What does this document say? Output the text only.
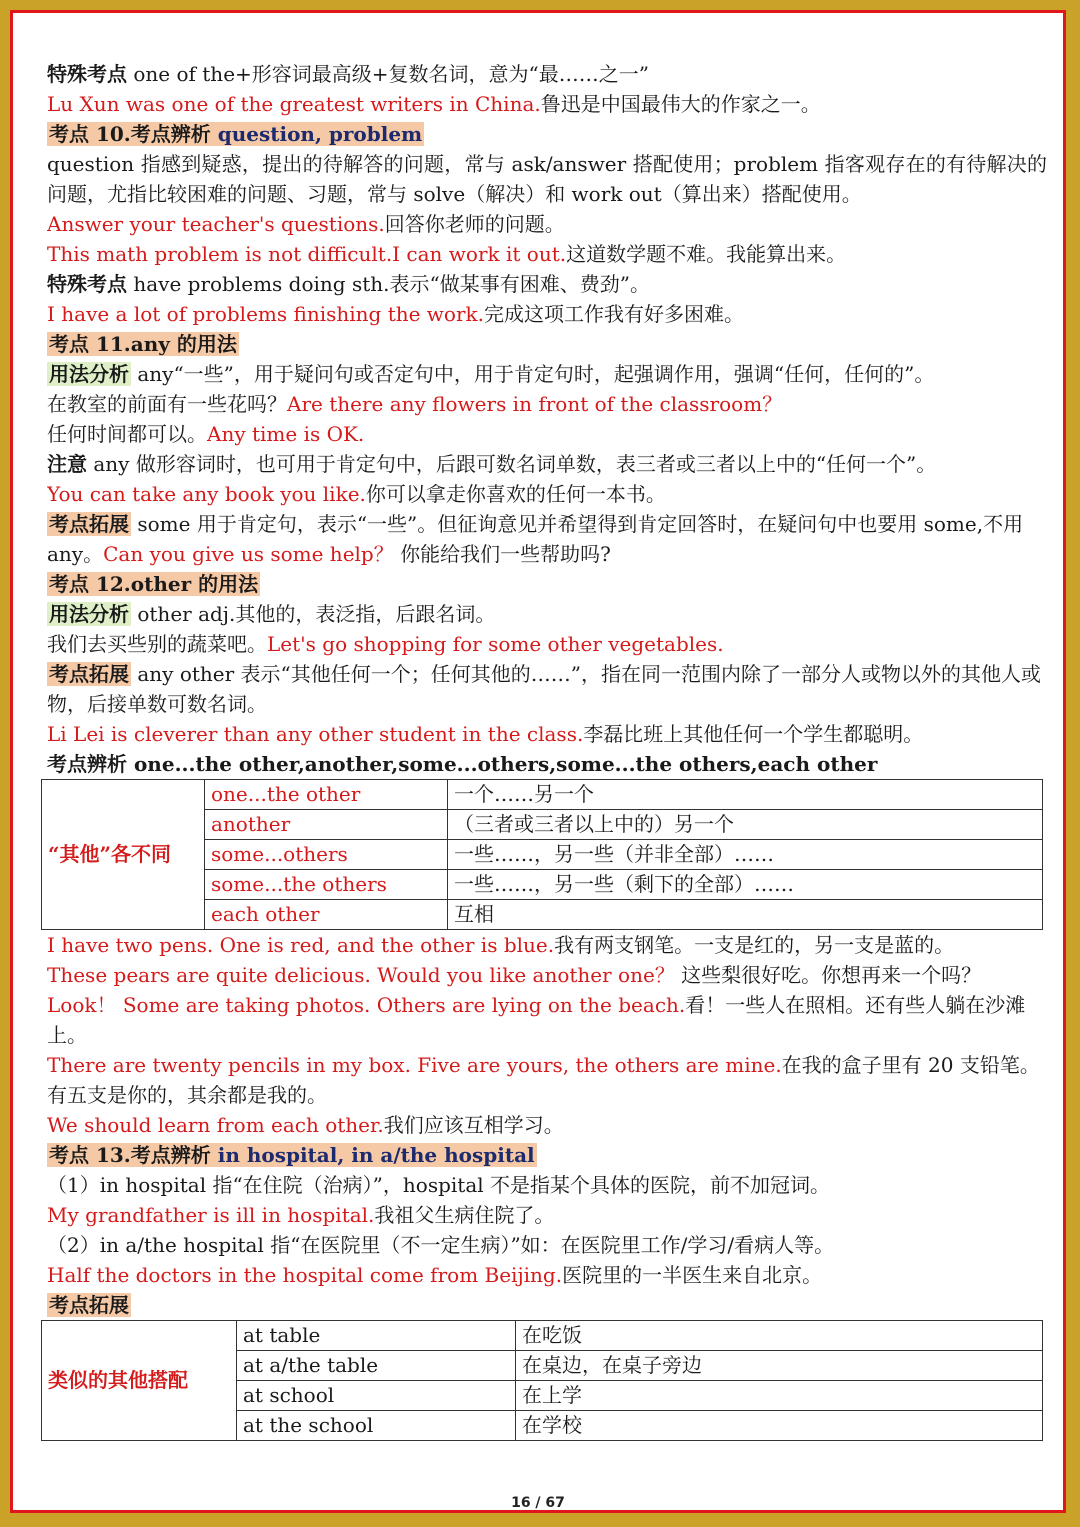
特殊考点 one of the+形容词最高级+复数名词，意为“最……之一”
Lu Xun was one of the greatest writers in China.鲁迅是中国最伟大的作家之一。
考点 10.考点辨析 question, problem
question 指感到疑惑，提出的待解答的问题，常与 ask/answer 搭配使用；problem 指客观存在的有待解决的问题，尤指比较困难的问题、习题，常与 solve（解决）和 work out（算出来）搭配使用。
Answer your teacher's questions.回答你老师的问题。
This math problem is not difficult.I can work it out.这道数学题不难。我能算出来。
特殊考点 have problems doing sth.表示“做某事有困难、费劲”。
I have a lot of problems finishing the work.完成这项工作我有好多困难。
考点 11.any 的用法
用法分析 any“一些”，用于疑问句或否定句中，用于肯定句时，起强调作用，强调“任何，任何的”。
在教室的前面有一些花吗？Are there any flowers in front of the classroom？
任何时间都可以。Any time is OK.
注意 any 做形容词时，也可用于肯定句中，后跟可数名词单数，表三者或三者以上中的“任何一个”。
You can take any book you like.你可以拿走你喜欢的任何一本书。
考点拓展 some 用于肯定句，表示“一些”。但征询意见并希望得到肯定回答时，在疑问句中也要用 some,不用 any。Can you give us some help？ 你能给我们一些帮助吗?
考点 12.other 的用法
用法分析 other adj.其他的，表泛指，后跟名词。
我们去买些别的蔬菜吧。Let's go shopping for some other vegetables.
考点拓展 any other 表示“其他任何一个；任何其他的……”，指在同一范围内除了一部分人或物以外的其他人或物，后接单数可数名词。
Li Lei is cleverer than any other student in the class.李磊比班上其他任何一个学生都聪明。
考点辨析 one...the other,another,some...others,some...the others,each other
“其他”各不同	one...the other	一个……另一个
	another	（三者或三者以上中的）另一个
	some...others	一些……，另一些（并非全部）……
	some...the others	一些……，另一些（剩下的全部）……
	each other	互相
I have two pens. One is red, and the other is blue.我有两支钢笔。一支是红的，另一支是蓝的。
These pears are quite delicious. Would you like another one？ 这些梨很好吃。你想再来一个吗？
Look！ Some are taking photos. Others are lying on the beach.看！一些人在照相。还有些人躺在沙滩上。
There are twenty pencils in my box. Five are yours, the others are mine.在我的盒子里有 20 支铅笔。有五支是你的，其余都是我的。
We should learn from each other.我们应该互相学习。
考点 13.考点辨析 in hospital, in a/the hospital
（1）in hospital 指“在住院（治病）”，hospital 不是指某个具体的医院，前不加冠词。
My grandfather is ill in hospital.我祖父生病住院了。
（2）in a/the hospital 指“在医院里（不一定生病）”如：在医院里工作/学习/看病人等。
Half the doctors in the hospital come from Beijing.医院里的一半医生来自北京。
考点拓展
类似的其他搭配	at table	在吃饭
	at a/the table	在桌边，在桌子旁边
	at school	在上学
	at the school	在学校
16 / 67
